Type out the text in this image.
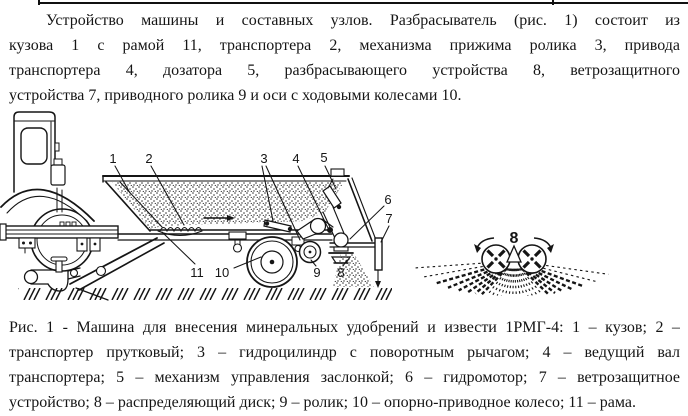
1 2	3 4 5
6
7
8
9
10
11
8
Устройство машины и составных узлов. Разбрасыватель (рис. 1) состоит из
кузова 1 с рамой 11, транспортера 2, механизма прижима ролика 3, привода
транспортера 4, дозатора 5, разбрасывающего устройства 8, ветрозащитного
устройства 7, приводного ролика 9 и оси с ходовыми колесами 10.
Рис. 1 - Машина для внесения минеральных удобрений и извести 1РМГ-4: 1 – кузов; 2 –
транспортер прутковый; 3 – гидроцилиндр с поворотным рычагом; 4 – ведущий вал
транспортера; 5 – механизм управления заслонкой; 6 – гидромотор; 7 – ветрозащитное
устройство; 8 – распределяющий диск; 9 – ролик; 10 – опорно-приводное колесо; 11 – рама.
